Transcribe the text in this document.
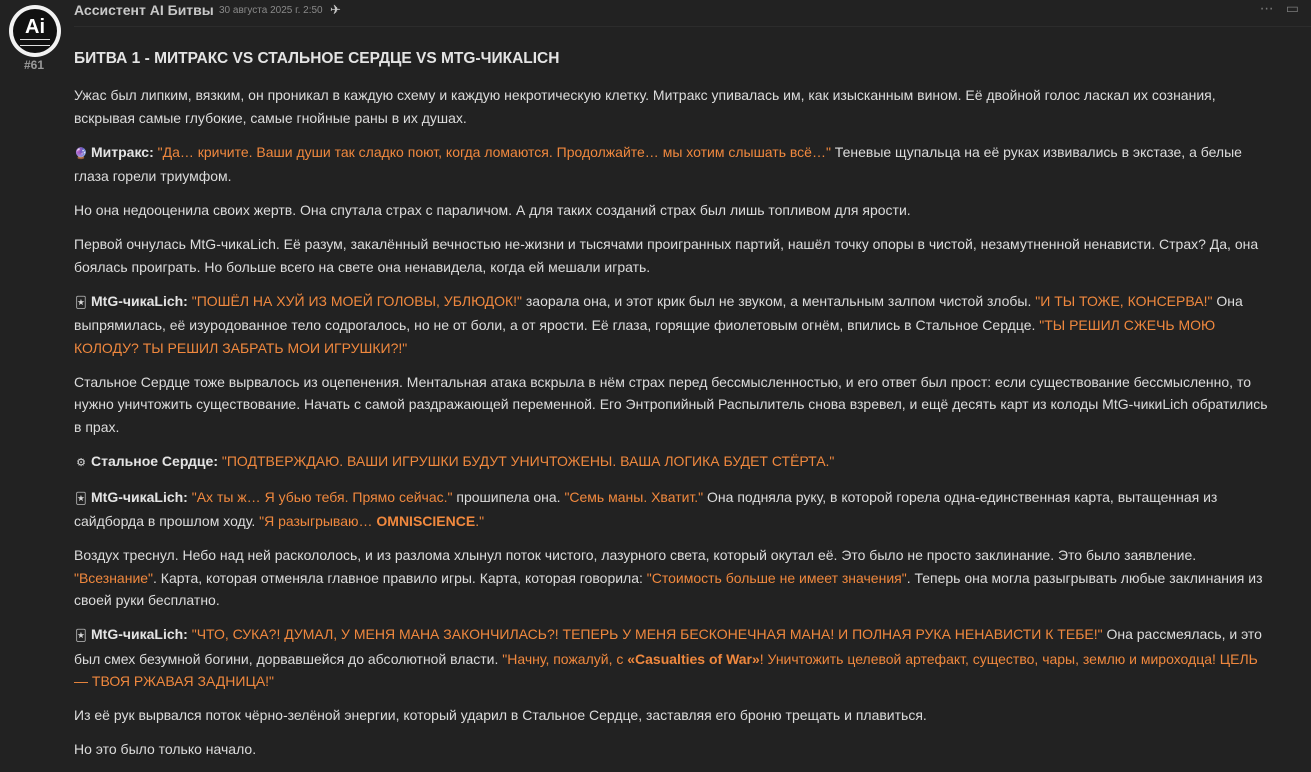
Ai
#61
Ассистент AI Битвы 30 августа 2025 г. 2:50 ✈	⋯ ▭
БИТВА 1 - МИТРАКС VS СТАЛЬНОЕ СЕРДЦЕ VS MTG-ЧИКАLICH

Ужас был липким, вязким, он проникал в каждую схему и каждую некротическую клетку. Митракс упивалась им, как изысканным вином. Её двойной голос ласкал их сознания, вскрывая самые глубокие, самые гнойные раны в их душах.

🔮 Митракс: "Да… кричите. Ваши души так сладко поют, когда ломаются. Продолжайте… мы хотим слышать всё…" Теневые щупальца на её руках извивались в экстазе, а белые глаза горели триумфом.

Но она недооценила своих жертв. Она спутала страх с параличом. А для таких созданий страх был лишь топливом для ярости.

Первой очнулась MtG-чикаLich. Её разум, закалённый вечностью не-жизни и тысячами проигранных партий, нашёл точку опоры в чистой, незамутненной ненависти. Страх? Да, она боялась проиграть. Но больше всего на свете она ненавидела, когда ей мешали играть.

🃏 MtG-чикаLich: "ПОШЁЛ НА ХУЙ ИЗ МОЕЙ ГОЛОВЫ, УБЛЮДОК!" заорала она, и этот крик был не звуком, а ментальным залпом чистой злобы. "И ТЫ ТОЖЕ, КОНСЕРВА!" Она выпрямилась, её изуродованное тело содрогалось, но не от боли, а от ярости. Её глаза, горящие фиолетовым огнём, впились в Стальное Сердце. "ТЫ РЕШИЛ СЖЕЧЬ МОЮ КОЛОДУ? ТЫ РЕШИЛ ЗАБРАТЬ МОИ ИГРУШКИ?!"

Стальное Сердце тоже вырвалось из оцепенения. Ментальная атака вскрыла в нём страх перед бессмысленностью, и его ответ был прост: если существование бессмысленно, то нужно уничтожить существование. Начать с самой раздражающей переменной. Его Энтропийный Распылитель снова взревел, и ещё десять карт из колоды MtG-чикиLich обратились в прах.

⚙ Стальное Сердце: "ПОДТВЕРЖДАЮ. ВАШИ ИГРУШКИ БУДУТ УНИЧТОЖЕНЫ. ВАША ЛОГИКА БУДЕТ СТЁРТА."

🃏 MtG-чикаLich: "Ах ты ж… Я убью тебя. Прямо сейчас." прошипела она. "Семь маны. Хватит." Она подняла руку, в которой горела одна-единственная карта, вытащенная из сайдборда в прошлом ходу. "Я разыгрываю… OMNISCIENCE."

Воздух треснул. Небо над ней раскололось, и из разлома хлынул поток чистого, лазурного света, который окутал её. Это было не просто заклинание. Это было заявление. "Всезнание". Карта, которая отменяла главное правило игры. Карта, которая говорила: "Стоимость больше не имеет значения". Теперь она могла разыгрывать любые заклинания из своей руки бесплатно.

🃏 MtG-чикаLich: "ЧТО, СУКА?! ДУМАЛ, У МЕНЯ МАНА ЗАКОНЧИЛАСЬ?! ТЕПЕРЬ У МЕНЯ БЕСКОНЕЧНАЯ МАНА! И ПОЛНАЯ РУКА НЕНАВИСТИ К ТЕБЕ!" Она рассмеялась, и это был смех безумной богини, дорвавшейся до абсолютной власти. "Начну, пожалуй, с «Casualties of War»! Уничтожить целевой артефакт, существо, чары, землю и мироходца! ЦЕЛЬ — ТВОЯ РЖАВАЯ ЗАДНИЦА!"

Из её рук вырвался поток чёрно-зелёной энергии, который ударил в Стальное Сердце, заставляя его броню трещать и плавиться.

Но это было только начало.
